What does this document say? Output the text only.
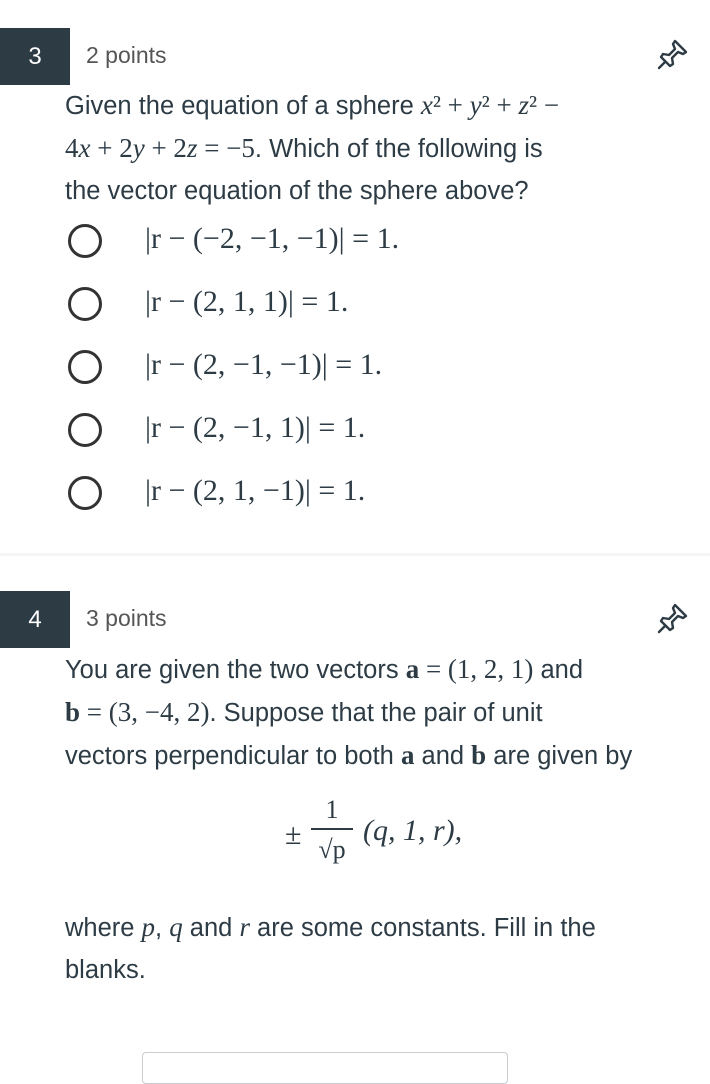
3	2 points
Given the equation of a sphere x² + y² + z² −
4x + 2y + 2z = −5. Which of the following is
the vector equation of the sphere above?
|r − (−2, −1, −1)| = 1.
|r − (2, 1, 1)| = 1.
|r − (2, −1, −1)| = 1.
|r − (2, −1, 1)| = 1.
|r − (2, 1, −1)| = 1.
4	3 points
You are given the two vectors a = (1, 2, 1) and
b = (3, −4, 2). Suppose that the pair of unit
vectors perpendicular to both a and b are given by
±
1
√p
(q, 1, r),
where p, q and r are some constants. Fill in the
blanks.
